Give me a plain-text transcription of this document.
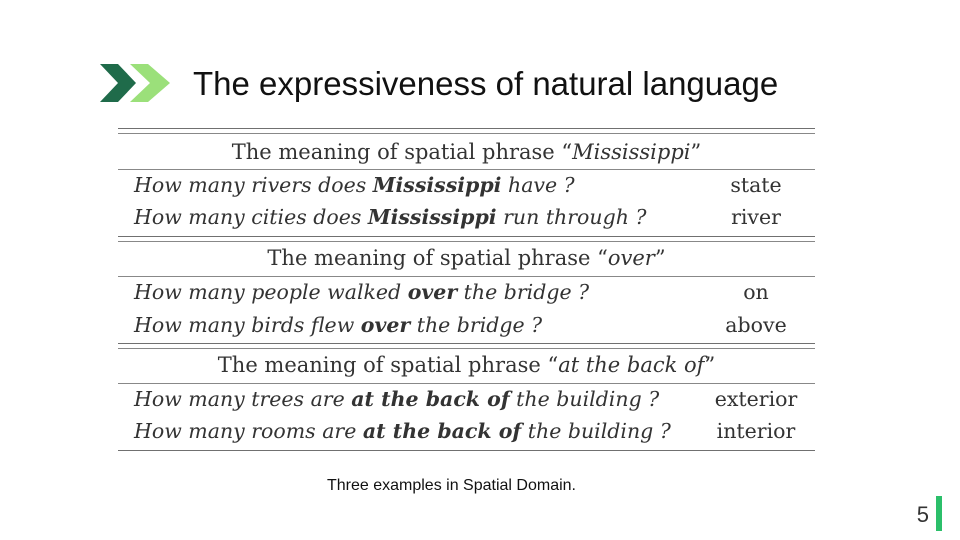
The expressiveness of natural language
The meaning of spatial phrase “Mississippi”
How many rivers does Mississippi have ?	state
How many cities does Mississippi run through ?	river
The meaning of spatial phrase “over”
How many people walked over the bridge ?	on
How many birds flew over the bridge ?	above
The meaning of spatial phrase “at the back of”
How many trees are at the back of the building ?	exterior
How many rooms are at the back of the building ?	interior
Three examples in Spatial Domain.
5
